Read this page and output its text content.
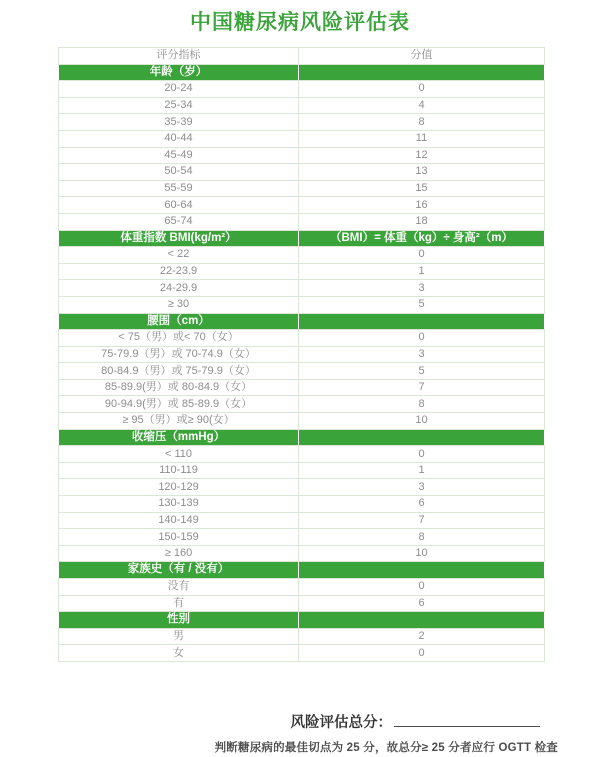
中国糖尿病风险评估表
评分指标	分值
年龄（岁）	
20-24	0
25-34	4
35-39	8
40-44	11
45-49	12
50-54	13
55-59	15
60-64	16
65-74	18
体重指数 BMI(kg/m²）	（BMI）= 体重（kg）÷ 身高²（m）
< 22	0
22-23.9	1
24-29.9	3
≥ 30	5
腰围（cm）	
< 75（男）或< 70（女）	0
75-79.9（男）或 70-74.9（女）	3
80-84.9（男）或 75-79.9（女）	5
85-89.9(男）或 80-84.9（女）	7
90-94.9(男）或 85-89.9（女）	8
≥ 95（男）或≥ 90(女）	10
收缩压（mmHg）	
< 110	0
110-119	1
120-129	3
130-139	6
140-149	7
150-159	8
≥ 160	10
家族史（有 / 没有）	
没有	0
有	6
性别	
男	2
女	0
风险评估总分：
判断糖尿病的最佳切点为 25 分，故总分≥ 25 分者应行 OGTT 检查
